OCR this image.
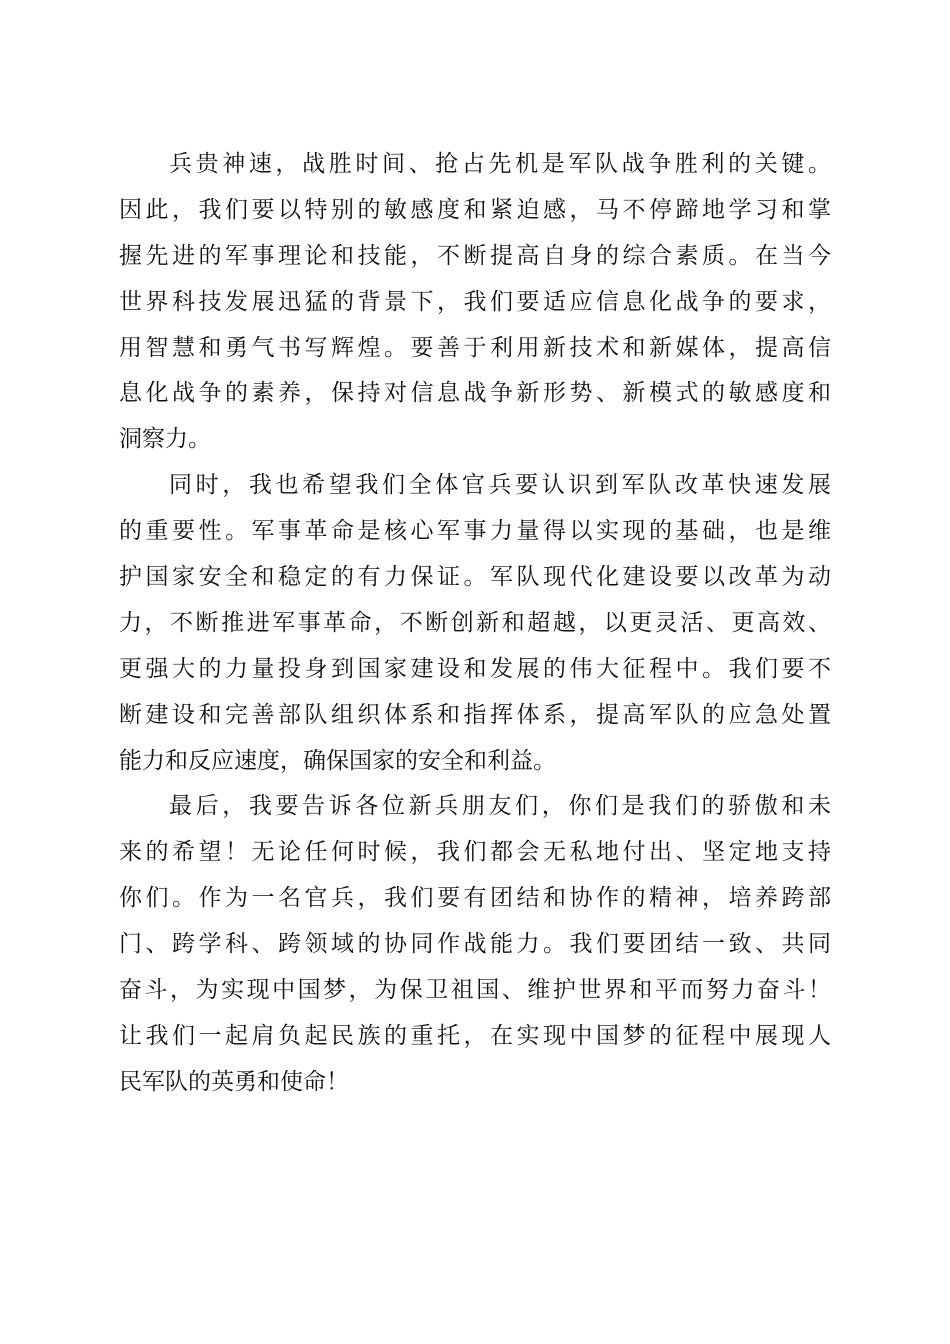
兵贵神速，战胜时间、抢占先机是军队战争胜利的关键。
因此，我们要以特别的敏感度和紧迫感，马不停蹄地学习和掌
握先进的军事理论和技能，不断提高自身的综合素质。在当今
世界科技发展迅猛的背景下，我们要适应信息化战争的要求，
用智慧和勇气书写辉煌。要善于利用新技术和新媒体，提高信
息化战争的素养，保持对信息战争新形势、新模式的敏感度和
洞察力。
同时，我也希望我们全体官兵要认识到军队改革快速发展
的重要性。军事革命是核心军事力量得以实现的基础，也是维
护国家安全和稳定的有力保证。军队现代化建设要以改革为动
力，不断推进军事革命，不断创新和超越，以更灵活、更高效、
更强大的力量投身到国家建设和发展的伟大征程中。我们要不
断建设和完善部队组织体系和指挥体系，提高军队的应急处置
能力和反应速度，确保国家的安全和利益。
最后，我要告诉各位新兵朋友们，你们是我们的骄傲和未
来的希望！无论任何时候，我们都会无私地付出、坚定地支持
你们。作为一名官兵，我们要有团结和协作的精神，培养跨部
门、跨学科、跨领域的协同作战能力。我们要团结一致、共同
奋斗，为实现中国梦，为保卫祖国、维护世界和平而努力奋斗！
让我们一起肩负起民族的重托，在实现中国梦的征程中展现人
民军队的英勇和使命！
